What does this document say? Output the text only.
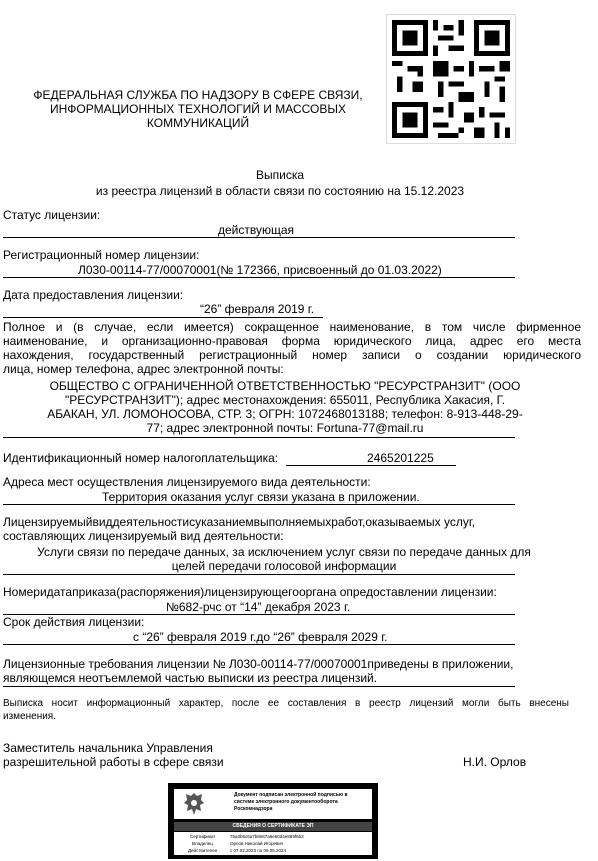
ФЕДЕРАЛЬНАЯ СЛУЖБА ПО НАДЗОРУ В СФЕРЕ СВЯЗИ,
ИНФОРМАЦИОННЫХ ТЕХНОЛОГИЙ И МАССОВЫХ
КОММУНИКАЦИЙ
Выписка
из реестра лицензий в области связи по состоянию на 15.12.2023
Статус лицензии:
действующая
Регистрационный номер лицензии:
Л030-00114-77/00070001(№ 172366, присвоенный до 01.03.2022)
Дата предоставления лицензии:
“26” февраля 2019 г.
Полное и (в случае, если имеется) сокращенное наименование, в том числе фирменное
наименование, и организационно-правовая форма юридического лица, адрес его места
нахождения, государственный регистрационный номер записи о создании юридического
лица, номер телефона, адрес электронной почты:
ОБЩЕСТВО С ОГРАНИЧЕННОЙ ОТВЕТСТВЕННОСТЬЮ "РЕСУРСТРАНЗИТ" (ООО
"РЕСУРСТРАНЗИТ"); адрес местонахождения: 655011, Республика Хакасия, Г.
АБАКАН, УЛ. ЛОМОНОСОВА, СТР. 3; ОГРН: 1072468013188; телефон: 8-913-448-29-
77; адрес электронной почты: Fortuna-77@mail.ru
Идентификационный номер налогоплательщика:	2465201225
Адреса мест осуществления лицензируемого вида деятельности:
Территория оказания услуг связи указана в приложении.
Лицензируемыйвиддеятельностисуказаниемвыполняемыхработ,оказываемых услуг,
составляющих лицензируемый вид деятельности:
Услуги связи по передаче данных, за исключением услуг связи по передаче данных для
целей передачи голосовой информации
Номеридатаприказа(распоряжения)лицензирующегооргана опредоставлении лицензии:
№682-рчс от “14” декабря 2023 г.
Срок действия лицензии:
с “26” февраля 2019 г.до “26” февраля 2029 г.
Лицензионные требования лицензии № Л030-00114-77/00070001приведены в приложении,
являющемся неотъемлемой частью выписки из реестра лицензий.
Выписка носит информационный характер, после ее составления в реестр лицензий могли быть внесены
изменения.
Заместитель начальника Управления
разрешительной работы в сфере связи	Н.И. Орлов
Документ подписан электронной подписью в
системе электронного документооборота
Роскомнадзора
СВЕДЕНИЯ О СЕРТИФИКАТЕ ЭП
Сертификат	75a3b5c6a7b8e87a6e60d4e869f6b3
Владелец	Орлов Николай Игоревич
Действителен	с 07.02.2023 по 06.05.2024
